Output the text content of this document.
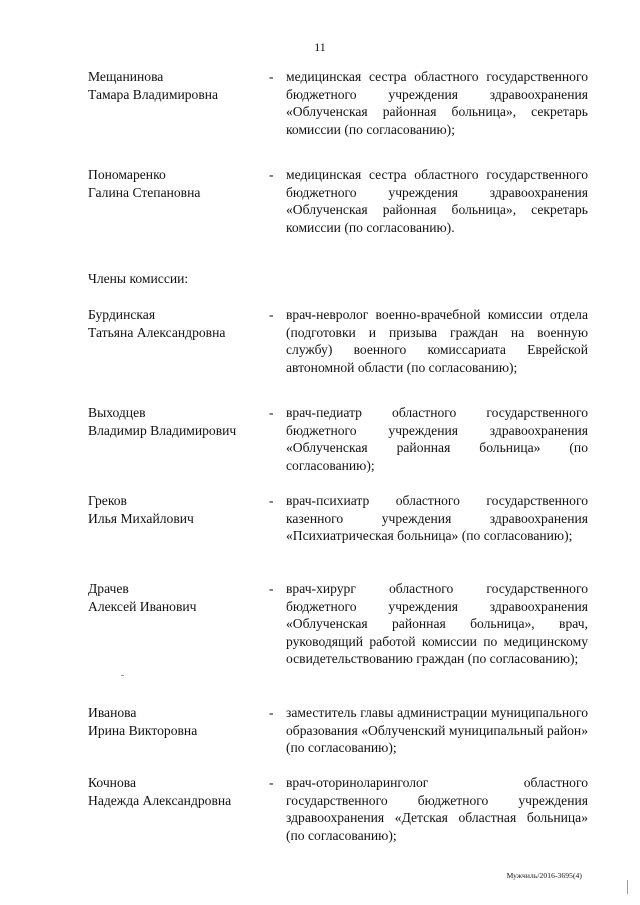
11
Мещанинова
Тамара Владимировна
- медицинская сестра областного государственного бюджетного учреждения здравоохранения «Облученская районная больница», секретарь комиссии (по согласованию);
Пономаренко
Галина Степановна
- медицинская сестра областного государственного бюджетного учреждения здравоохранения «Облученская районная больница», секретарь комиссии (по согласованию).
Члены комиссии:
Бурдинская
Татьяна Александровна
- врач-невролог военно-врачебной комиссии отдела (подготовки и призыва граждан на военную службу) военного комиссариата Еврейской автономной области (по согласованию);
Выходцев
Владимир Владимирович
- врач-педиатр областного государственного бюджетного учреждения здравоохранения «Облученская районная больница» (по согласованию);
Греков
Илья Михайлович
- врач-психиатр областного государственного казенного учреждения здравоохранения «Психиатрическая больница» (по согласованию);
Драчев
Алексей Иванович
- врач-хирург областного государственного бюджетного учреждения здравоохранения «Облученская районная больница», врач, руководящий работой комиссии по медицинскому освидетельствованию граждан (по согласованию);
Иванова
Ирина Викторовна
- заместитель главы администрации муниципального образования «Облученский муниципальный район» (по согласованию);
Кочнова
Надежда Александровна
- врач-оториноларинголог областного государственного бюджетного учреждения здравоохранения «Детская областная больница» (по согласованию);
Мужчиль/2016-3695(4)
